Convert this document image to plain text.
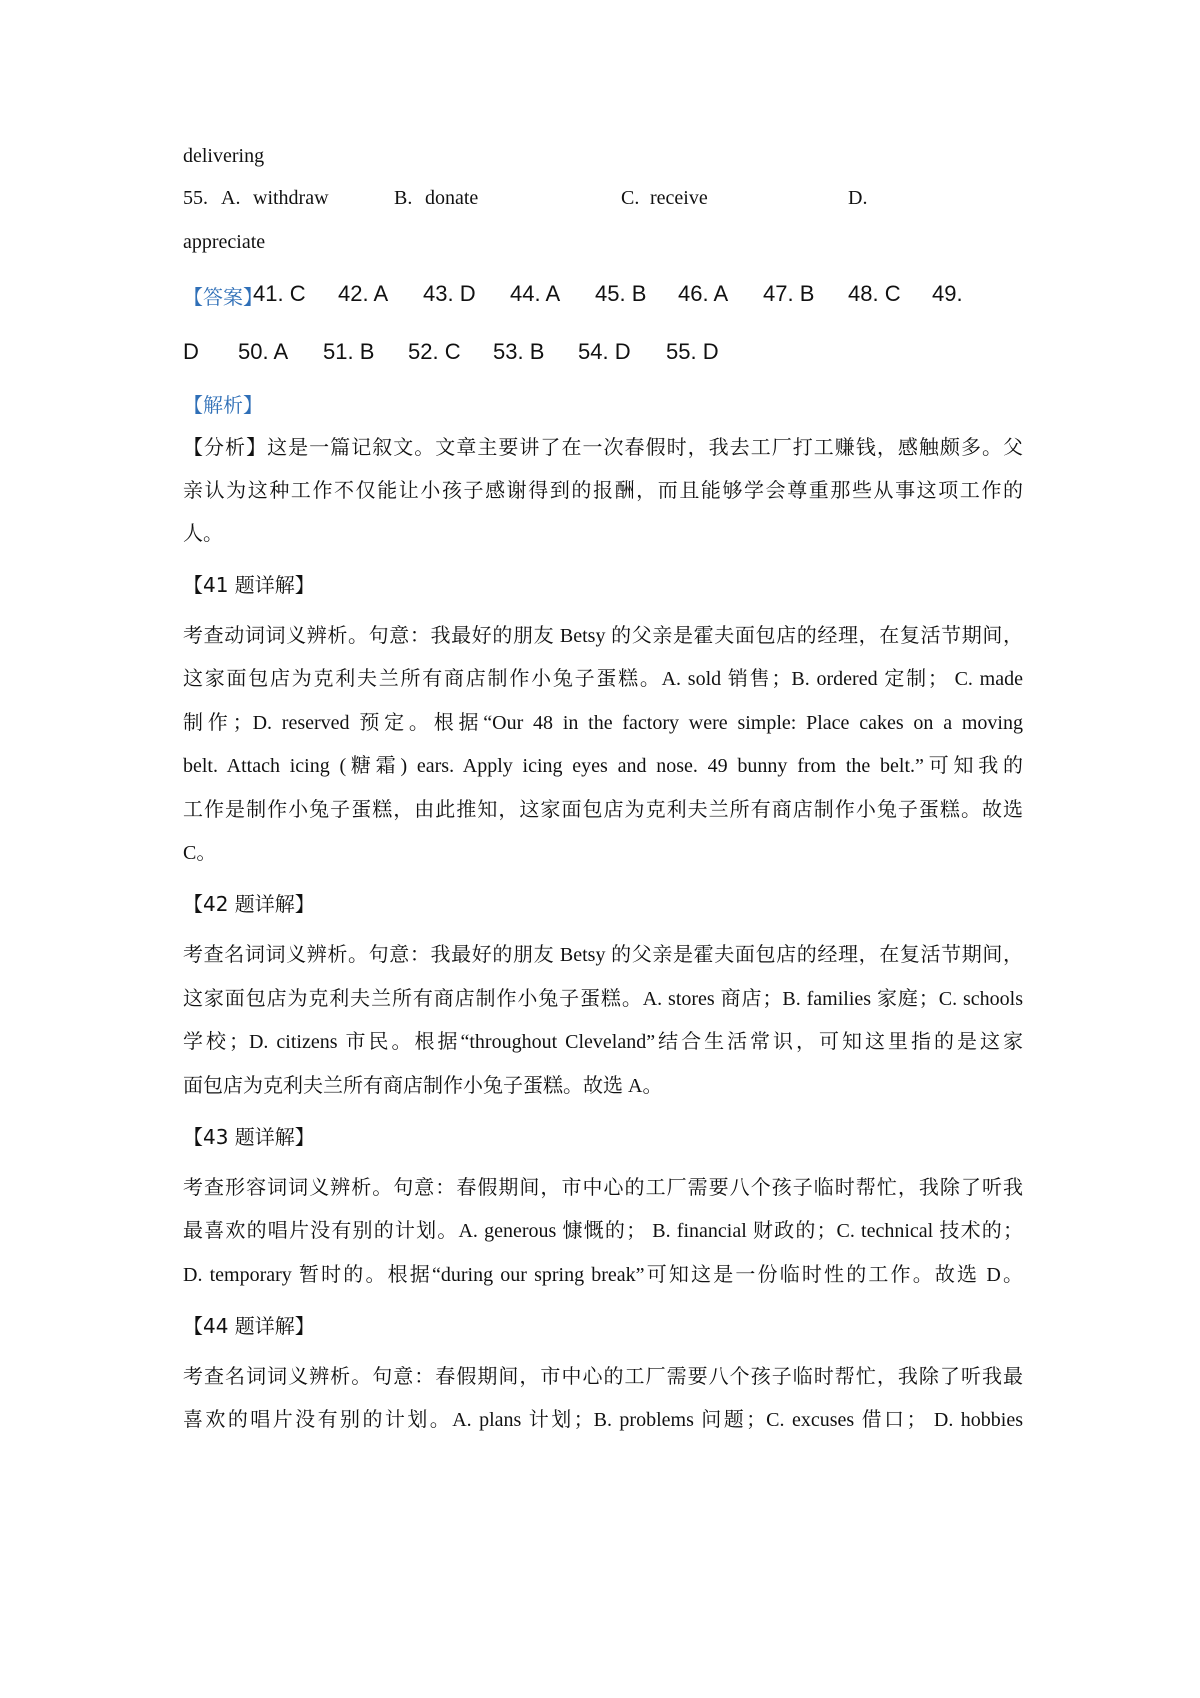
delivering
55. A. withdraw	B. donate	C. receive	D.
appreciate
【答案】
41. C 42. A 43. D 44. A 45. B 46. A 47. B 48. C 49.
D 50. A 51. B 52. C 53. B 54. D 55. D
【解析】
【分析】这是一篇记叙文。文章主要讲了在一次春假时，我去工厂打工赚钱，感触颇多。父
亲认为这种工作不仅能让小孩子感谢得到的报酬，而且能够学会尊重那些从事这项工作的
人。
【41 题详解】
考查动词词义辨析。句意：我最好的朋友 Betsy 的父亲是霍夫面包店的经理，在复活节期间，
这家面包店为克利夫兰所有商店制作小兔子蛋糕。A. sold 销售；B. ordered 定制； C. made
制作；D. reserved 预定。根据“Our 48 in the factory were simple: Place cakes on a moving
belt. Attach icing (糖霜) ears. Apply icing eyes and nose. 49 bunny from the belt.”可知我的
工作是制作小兔子蛋糕，由此推知，这家面包店为克利夫兰所有商店制作小兔子蛋糕。故选
C。
【42 题详解】
考查名词词义辨析。句意：我最好的朋友 Betsy 的父亲是霍夫面包店的经理，在复活节期间，
这家面包店为克利夫兰所有商店制作小兔子蛋糕。A. stores 商店；B. families 家庭；C. schools
学校；D. citizens 市民。根据“throughout Cleveland”结合生活常识，可知这里指的是这家
面包店为克利夫兰所有商店制作小兔子蛋糕。故选 A。
【43 题详解】
考查形容词词义辨析。句意：春假期间，市中心的工厂需要八个孩子临时帮忙，我除了听我
最喜欢的唱片没有别的计划。A. generous 慷慨的； B. financial 财政的；C. technical 技术的；
D. temporary 暂时的。根据“during our spring break”可知这是一份临时性的工作。故选 D。
【44 题详解】
考查名词词义辨析。句意：春假期间，市中心的工厂需要八个孩子临时帮忙，我除了听我最
喜欢的唱片没有别的计划。A. plans 计划；B. problems 问题；C. excuses 借口； D. hobbies
